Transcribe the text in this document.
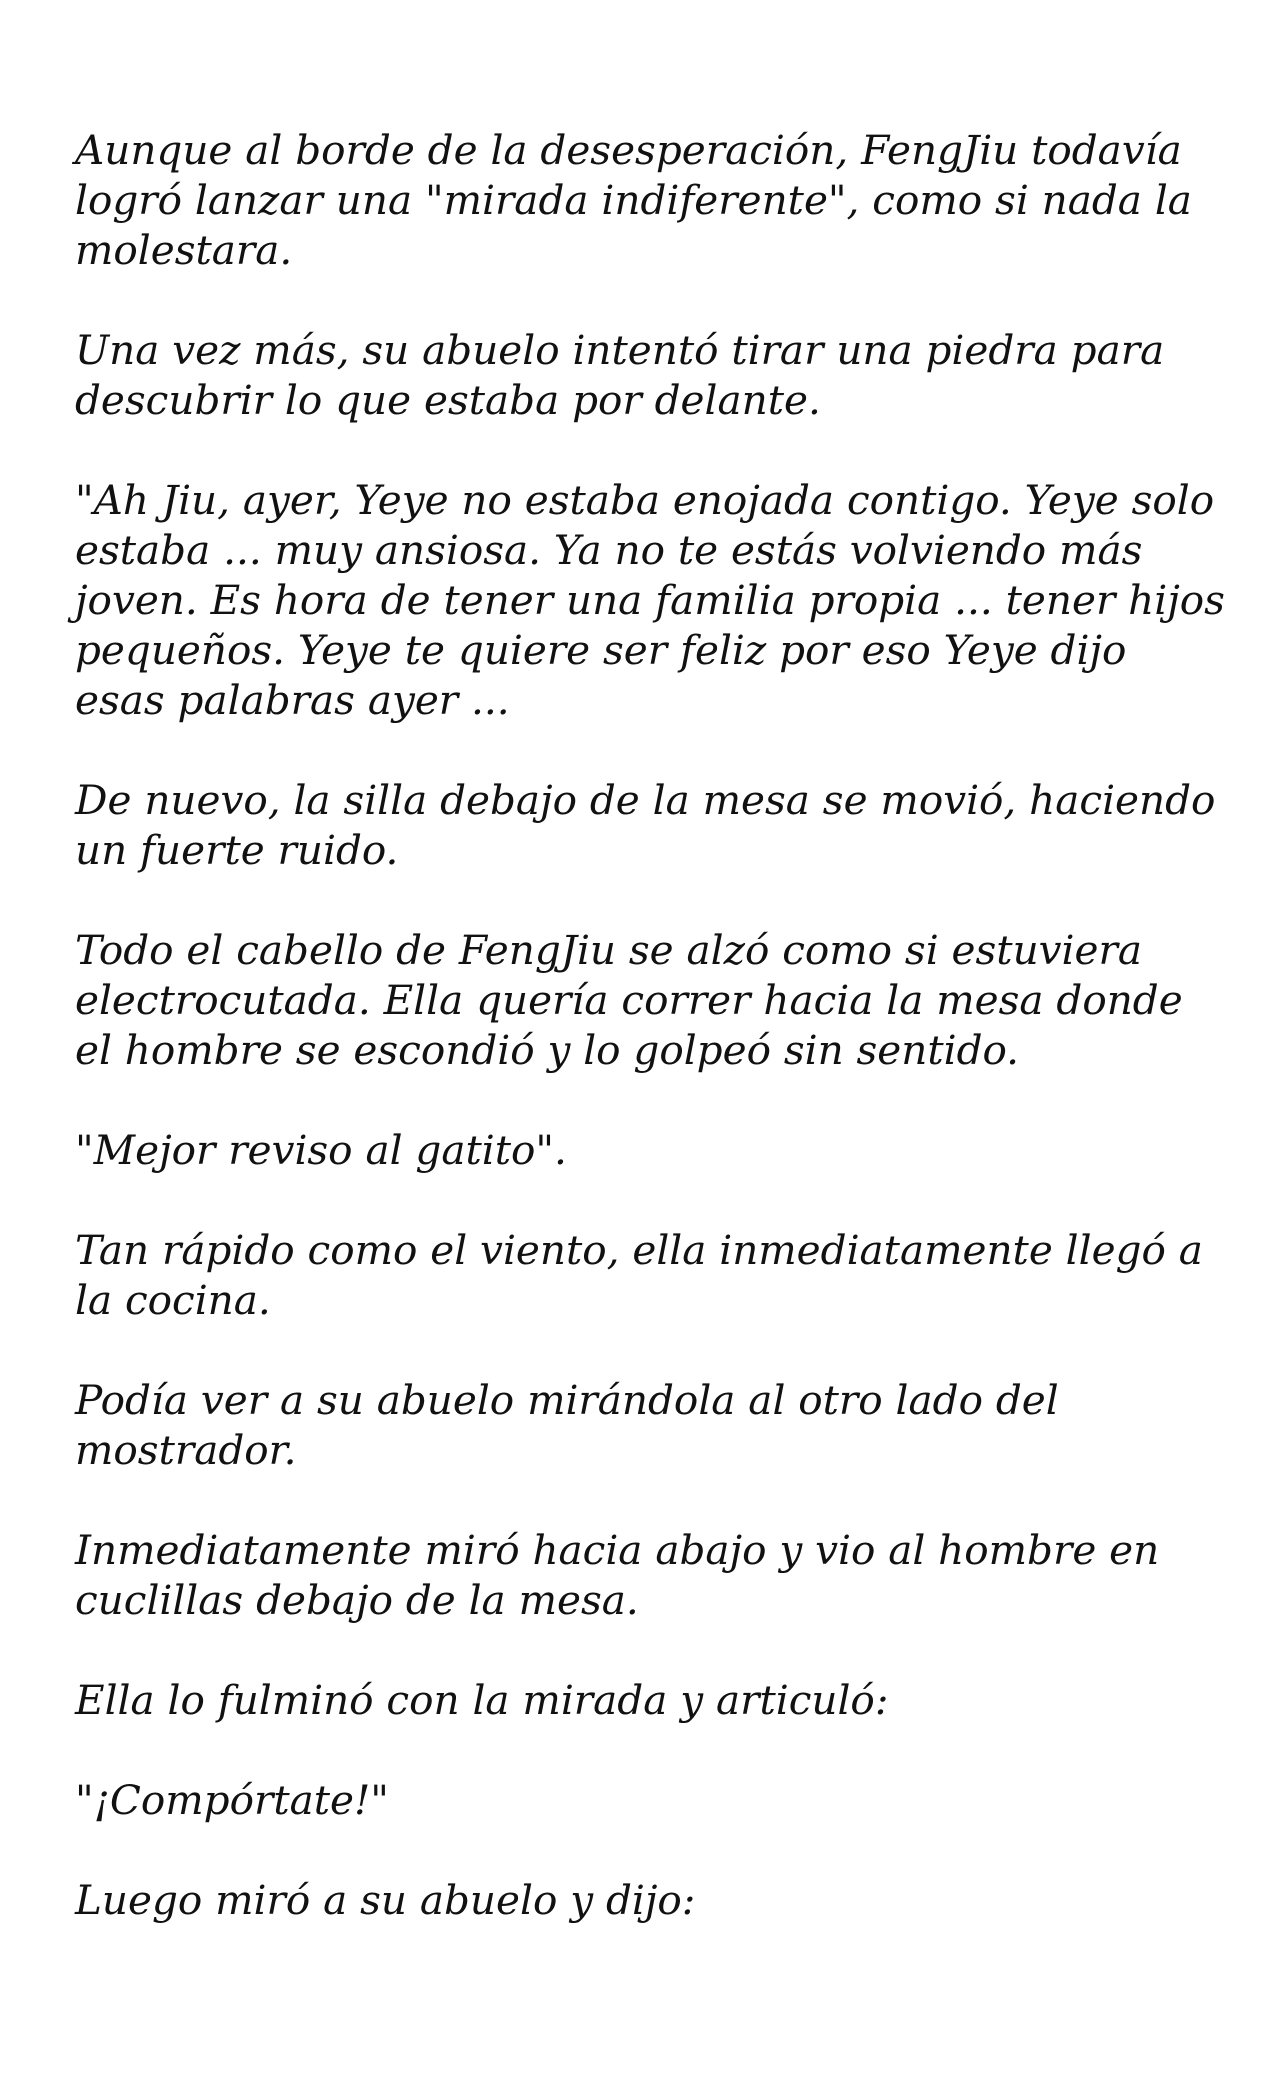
Aunque al borde de la desesperación, FengJiu todavía logró lanzar una "mirada indiferente", como si nada la molestara.

Una vez más, su abuelo intentó tirar una piedra para descubrir lo que estaba por delante.

"Ah Jiu, ayer, Yeye no estaba enojada contigo. Yeye solo estaba ... muy ansiosa. Ya no te estás volviendo más joven. Es hora de tener una familia propia ... tener hijos pequeños. Yeye te quiere ser feliz por eso Yeye dijo esas palabras ayer ...

De nuevo, la silla debajo de la mesa se movió, haciendo un fuerte ruido.

Todo el cabello de FengJiu se alzó como si estuviera electrocutada. Ella quería correr hacia la mesa donde el hombre se escondió y lo golpeó sin sentido.

"Mejor reviso al gatito".

Tan rápido como el viento, ella inmediatamente llegó a la cocina.

Podía ver a su abuelo mirándola al otro lado del mostrador.

Inmediatamente miró hacia abajo y vio al hombre en cuclillas debajo de la mesa.

Ella lo fulminó con la mirada y articuló:

"¡Compórtate!"

Luego miró a su abuelo y dijo:
